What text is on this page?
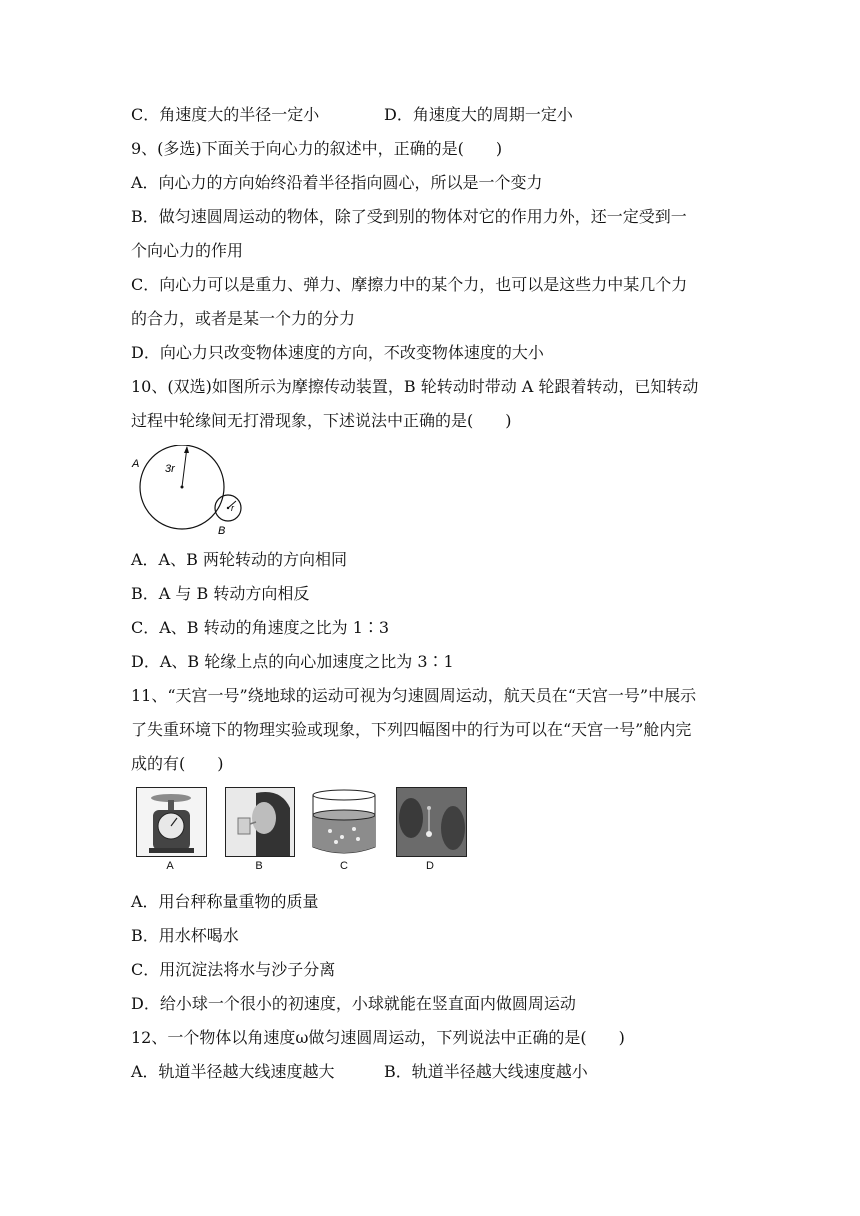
C．角速度大的半径一定小	D．角速度大的周期一定小
9、(多选)下面关于向心力的叙述中，正确的是(　　)
A．向心力的方向始终沿着半径指向圆心，所以是一个变力
B．做匀速圆周运动的物体，除了受到别的物体对它的作用力外，还一定受到一
个向心力的作用
C．向心力可以是重力、弹力、摩擦力中的某个力，也可以是这些力中某几个力
的合力，或者是某一个力的分力
D．向心力只改变物体速度的方向，不改变物体速度的大小
10、(双选)如图所示为摩擦传动装置，B 轮转动时带动 A 轮跟着转动，已知转动
过程中轮缘间无打滑现象，下述说法中正确的是(　　)
A 3r
r
B
A．A、B 两轮转动的方向相同
B．A 与 B 转动方向相反
C．A、B 转动的角速度之比为 1∶3
D．A、B 轮缘上点的向心加速度之比为 3∶1
11、“天宫一号”绕地球的运动可视为匀速圆周运动，航天员在“天宫一号”中展示
了失重环境下的物理实验或现象，下列四幅图中的行为可以在“天宫一号”舱内完
成的有(　　)
A	B	C	D
A．用台秤称量重物的质量
B．用水杯喝水
C．用沉淀法将水与沙子分离
D．给小球一个很小的初速度，小球就能在竖直面内做圆周运动
12、一个物体以角速度ω做匀速圆周运动，下列说法中正确的是(　　)
A．轨道半径越大线速度越大	B．轨道半径越大线速度越小
